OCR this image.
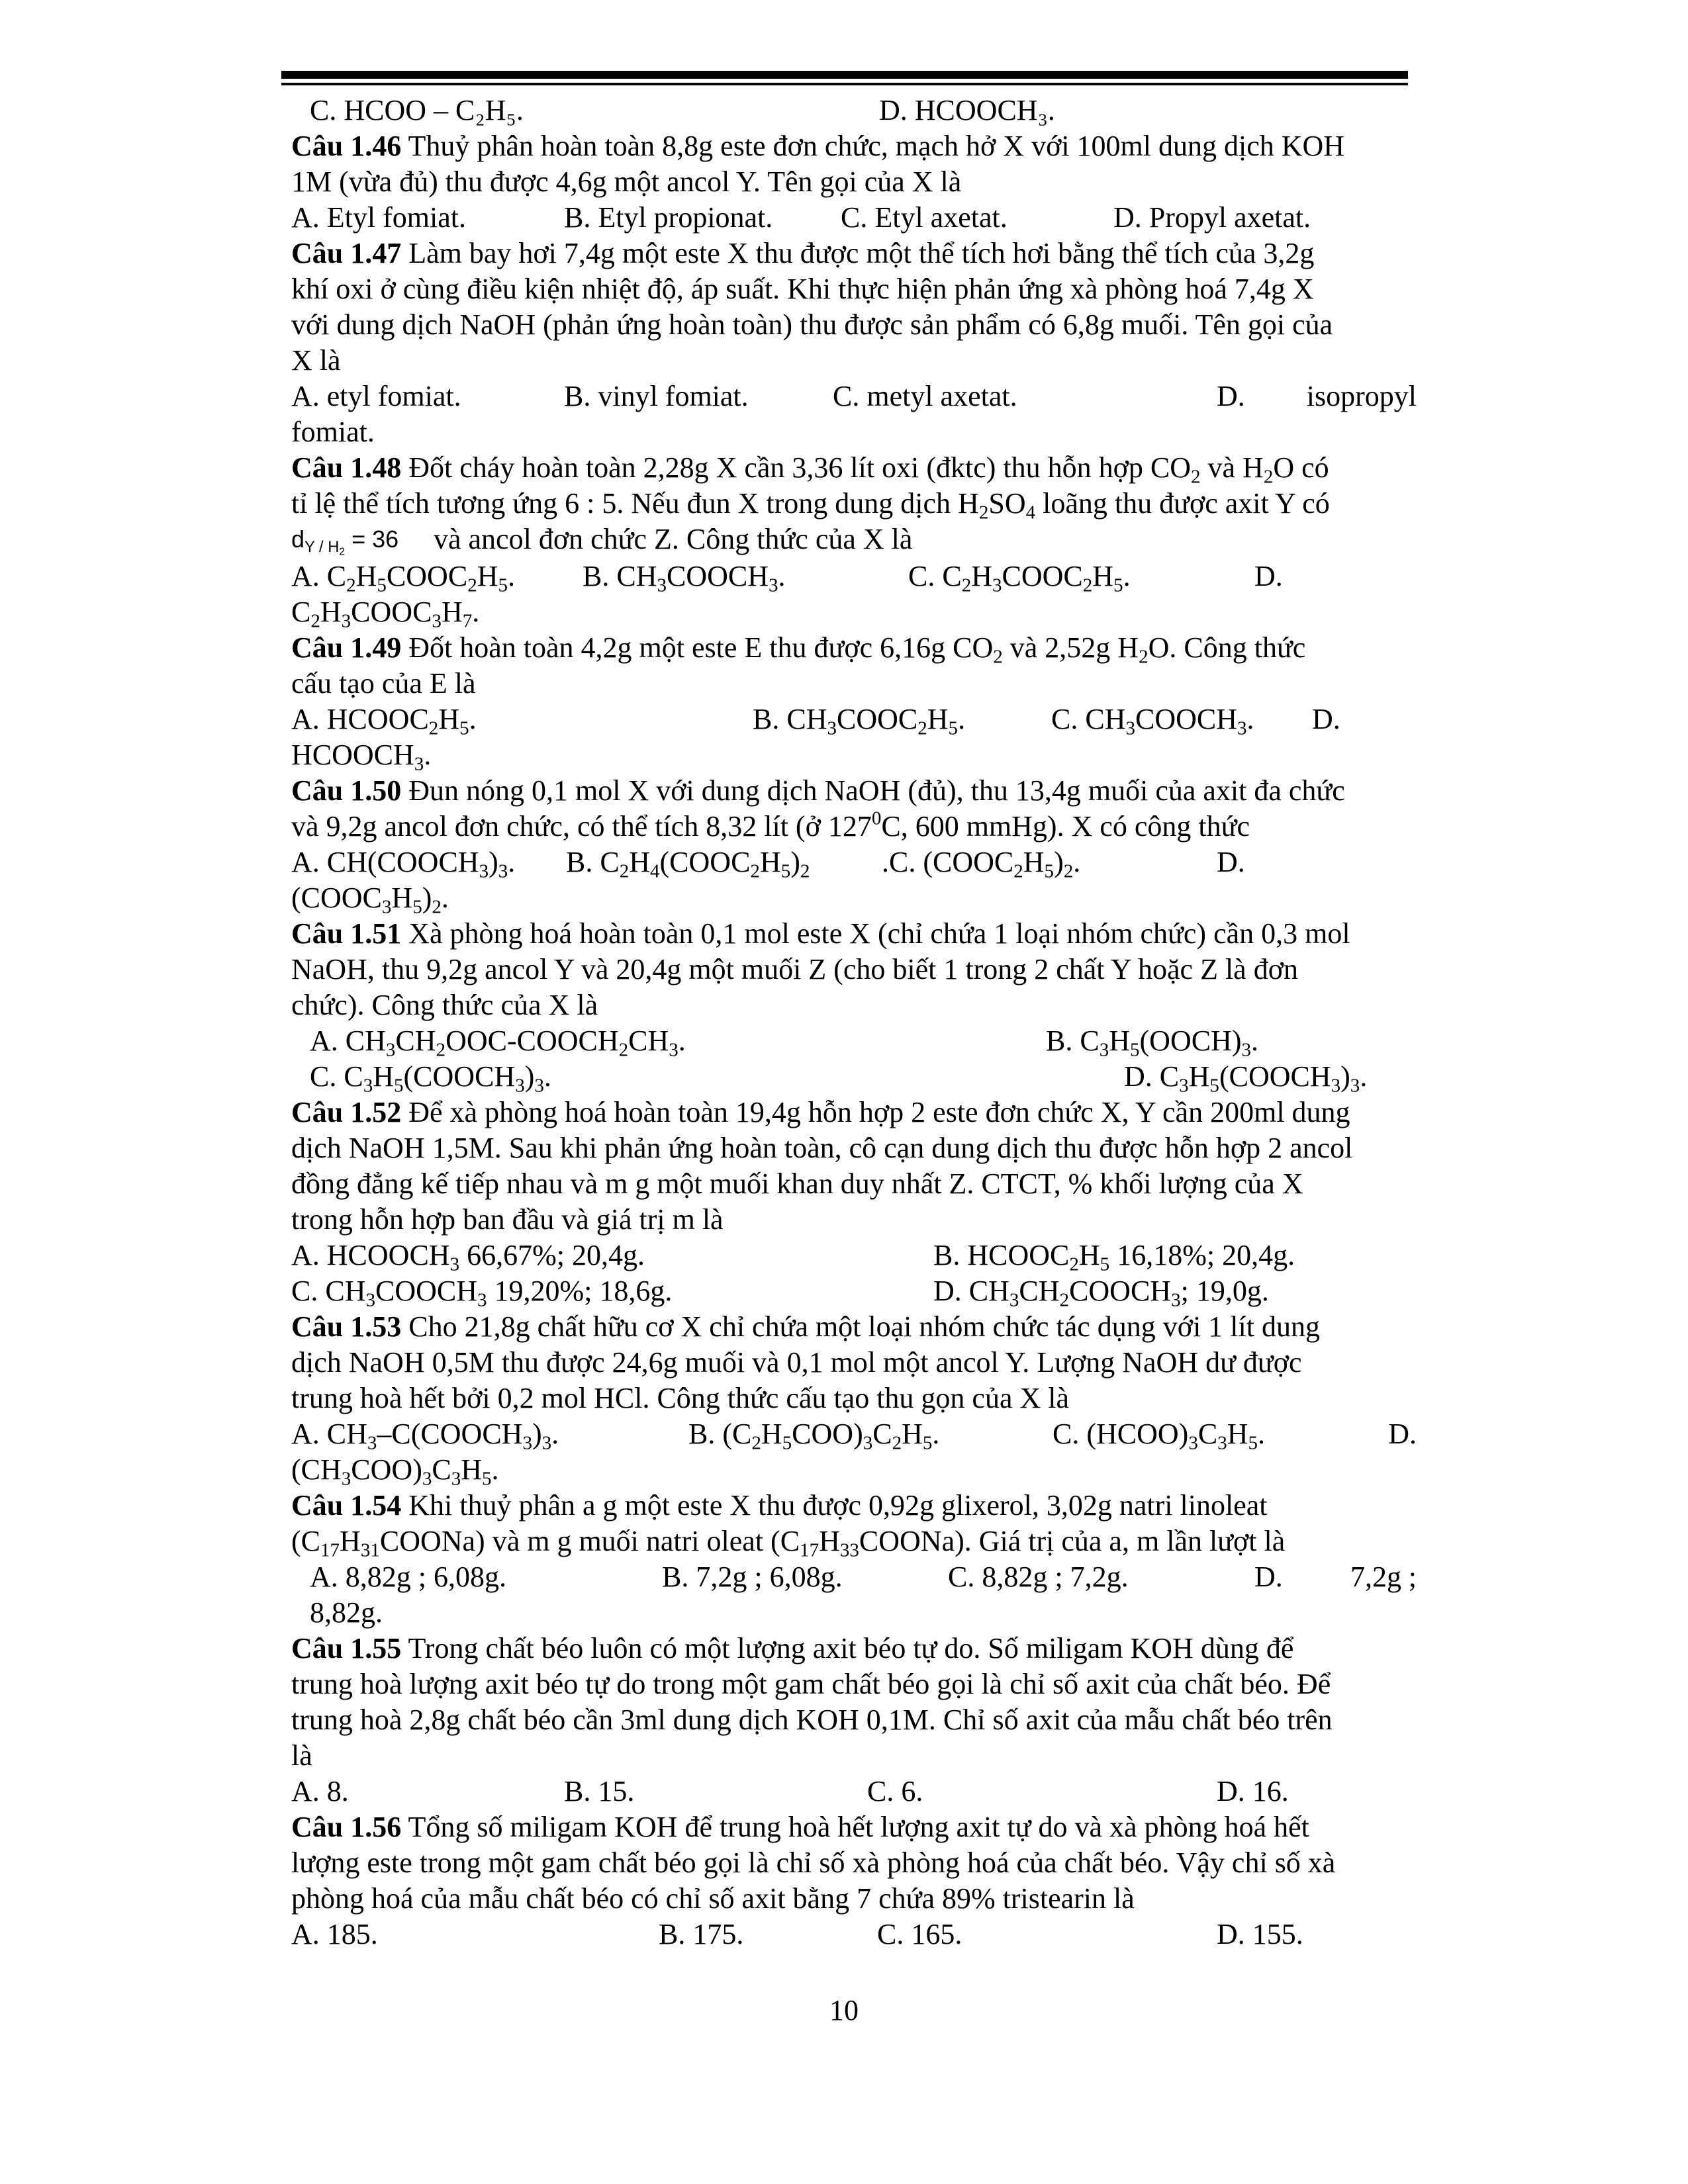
C. HCOO – C₂H₅.	D. HCOOCH₃.
Câu 1.46 Thuỷ phân hoàn toàn 8,8g este đơn chức, mạch hở X với 100ml dung dịch KOH
1M (vừa đủ) thu được 4,6g một ancol Y. Tên gọi của X là
A. Etyl fomiat.	B. Etyl propionat. C. Etyl axetat.	D. Propyl axetat.
Câu 1.47 Làm bay hơi 7,4g một este X thu được một thể tích hơi bằng thể tích của 3,2g
khí oxi ở cùng điều kiện nhiệt độ, áp suất. Khi thực hiện phản ứng xà phòng hoá 7,4g X
với dung dịch NaOH (phản ứng hoàn toàn) thu được sản phẩm có 6,8g muối. Tên gọi của
X là
A. etyl fomiat.	B. vinyl fomiat.	C. metyl axetat.	D. isopropyl
fomiat.
Câu 1.48 Đốt cháy hoàn toàn 2,28g X cần 3,36 lít oxi (đktc) thu hỗn hợp $CO_2$ và $H_2O$ có
tỉ lệ thể tích tương ứng 6 : 5. Nếu đun X trong dung dịch $H_2SO_4$ loãng thu được axit Y có
$d_{Y / H_2} = 36$ và ancol đơn chức Z. Công thức của X là
A. $C_2H_5COOC_2H_5$. B. $CH_3COOCH_3$.	C. $C_2H_3COOC_2H_5$.	D.
$C_2H_3COOC_3H_7$.
Câu 1.49 Đốt hoàn toàn 4,2g một este E thu được 6,16g $CO_2$ và 2,52g $H_2O$. Công thức
cấu tạo của E là
A. $HCOOC_2H_5$.	B. $CH_3COOC_2H_5$.	C. $CH_3COOCH_3$. D.
$HCOOCH_3$.
Câu 1.50 Đun nóng 0,1 mol X với dung dịch NaOH (đủ), thu 13,4g muối của axit đa chức
và 9,2g ancol đơn chức, có thể tích 8,32 lít (ở $127^0C$, 600 mmHg). X có công thức
A. $CH(COOCH_3)_3$. B. $C_2H_4(COOC_2H_5)_2$ .C. $(COOC_2H_5)_2$.	D.
$(COOC_3H_5)_2$.
Câu 1.51 Xà phòng hoá hoàn toàn 0,1 mol este X (chỉ chứa 1 loại nhóm chức) cần 0,3 mol
NaOH, thu 9,2g ancol Y và 20,4g một muối Z (cho biết 1 trong 2 chất Y hoặc Z là đơn
chức). Công thức của X là
A. $CH_3CH_2OOC-COOCH_2CH_3$.	B. $C_3H_5(OOCH)_3$.
C. $C_3H_5(COOCH_3)_3$.	D. $C_3H_5(COOCH_3)_3$.
Câu 1.52 Để xà phòng hoá hoàn toàn 19,4g hỗn hợp 2 este đơn chức X, Y cần 200ml dung
dịch NaOH 1,5M. Sau khi phản ứng hoàn toàn, cô cạn dung dịch thu được hỗn hợp 2 ancol
đồng đẳng kế tiếp nhau và m g một muối khan duy nhất Z. CTCT, % khối lượng của X
trong hỗn hợp ban đầu và giá trị m là
A. $HCOOCH_3$ 66,67%; 20,4g.	B. $HCOOC_2H_5$ 16,18%; 20,4g.
C. $CH_3COOCH_3$ 19,20%; 18,6g.	D. $CH_3CH_2COOCH_3$; 19,0g.
Câu 1.53 Cho 21,8g chất hữu cơ X chỉ chứa một loại nhóm chức tác dụng với 1 lít dung
dịch NaOH 0,5M thu được 24,6g muối và 0,1 mol một ancol Y. Lượng NaOH dư được
trung hoà hết bởi 0,2 mol HCl. Công thức cấu tạo thu gọn của X là
A. $CH_3-C(COOCH_3)_3$.	B. $(C_2H_5COO)_3C_2H_5$.	C. $(HCOO)_3C_3H_5$.	D.
$(CH_3COO)_3C_3H_5$.
Câu 1.54 Khi thuỷ phân a g một este X thu được 0,92g glixerol, 3,02g natri linoleat
$(C_{17}H_{31}COONa)$ và m g muối natri oleat $(C_{17}H_{33}COONa)$. Giá trị của a, m lần lượt là
A. 8,82g ; 6,08g.	B. 7,2g ; 6,08g.	C. 8,82g ; 7,2g.	D. 7,2g ;
8,82g.
Câu 1.55 Trong chất béo luôn có một lượng axit béo tự do. Số miligam KOH dùng để
trung hoà lượng axit béo tự do trong một gam chất béo gọi là chỉ số axit của chất béo. Để
trung hoà 2,8g chất béo cần 3ml dung dịch KOH 0,1M. Chỉ số axit của mẫu chất béo trên
là
A. 8.	B. 15.	C. 6.	D. 16.
Câu 1.56 Tổng số miligam KOH để trung hoà hết lượng axit tự do và xà phòng hoá hết
lượng este trong một gam chất béo gọi là chỉ số xà phòng hoá của chất béo. Vậy chỉ số xà
phòng hoá của mẫu chất béo có chỉ số axit bằng 7 chứa 89% tristearin là
A. 185.	B. 175.	C. 165.	D. 155.
10
